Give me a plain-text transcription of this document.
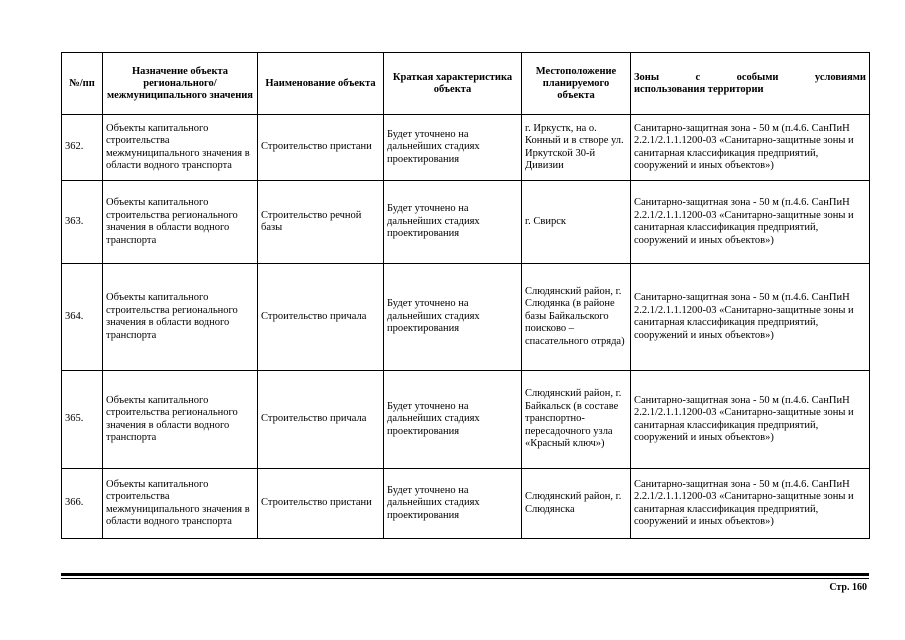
№/пп	Назначение объекта регионального/ межмуниципального значения	Наименование объекта	Краткая характеристика объекта	Местоположение планируемого объекта	Зоны с особыми условиями
использования территории

362.	Объекты капитального строительства межмуниципального значения в области водного транспорта	Строительство пристани	Будет уточнено на дальнейших стадиях проектирования	г. Иркустк, на о. Конный и в створе ул. Иркутской 30-й Дивизии	Санитарно-защитная зона - 50 м (п.4.6. СанПиН 2.2.1/2.1.1.1200-03 «Санитарно-защитные зоны и санитарная классификация предприятий, сооружений и иных объектов»)
363.	Объекты капитального строительства регионального значения в области водного транспорта	Строительство речной базы	Будет уточнено на дальнейших стадиях проектирования	г. Свирск	Санитарно-защитная зона - 50 м (п.4.6. СанПиН 2.2.1/2.1.1.1200-03 «Санитарно-защитные зоны и санитарная классификация предприятий, сооружений и иных объектов»)
364.	Объекты капитального строительства регионального значения в области водного транспорта	Строительство причала	Будет уточнено на дальнейших стадиях проектирования	Слюдянский район, г. Слюдянка (в районе базы Байкальского поисково – спасательного отряда)	Санитарно-защитная зона - 50 м (п.4.6. СанПиН 2.2.1/2.1.1.1200-03 «Санитарно-защитные зоны и санитарная классификация предприятий, сооружений и иных объектов»)
365.	Объекты капитального строительства регионального значения в области водного транспорта	Строительство причала	Будет уточнено на дальнейших стадиях проектирования	Слюдянский район, г. Байкальск (в составе транспортно-пересадочного узла «Красный ключ»)	Санитарно-защитная зона - 50 м (п.4.6. СанПиН 2.2.1/2.1.1.1200-03 «Санитарно-защитные зоны и санитарная классификация предприятий, сооружений и иных объектов»)
366.	Объекты капитального строительства межмуниципального значения в области водного транспорта	Строительство пристани	Будет уточнено на дальнейших стадиях проектирования	Слюдянский район, г. Слюдянска	Санитарно-защитная зона - 50 м (п.4.6. СанПиН 2.2.1/2.1.1.1200-03 «Санитарно-защитные зоны и санитарная классификация предприятий, сооружений и иных объектов»)
Стр. 160
